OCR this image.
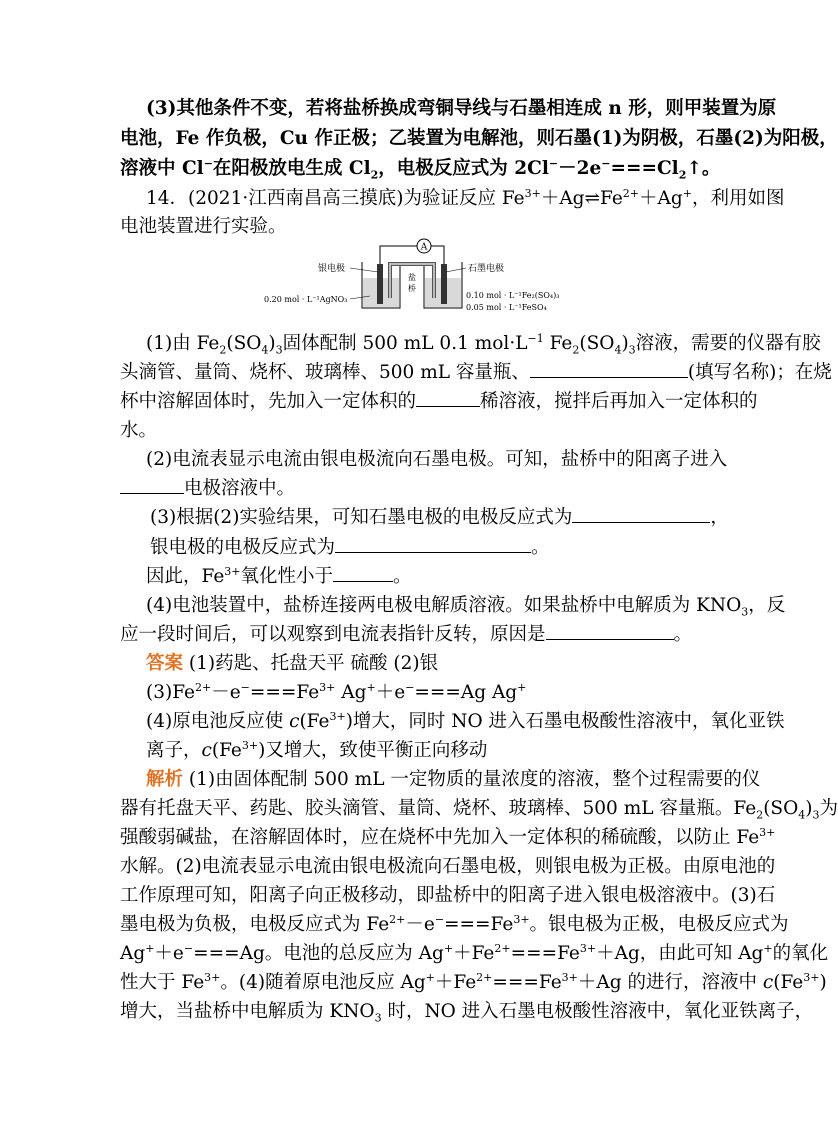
(3)其他条件不变，若将盐桥换成弯铜导线与石墨相连成 n 形，则甲装置为原
电池，Fe 作负极，Cu 作正极；乙装置为电解池，则石墨(1)为阴极，石墨(2)为阳极，
溶液中 Cl−在阳极放电生成 $Cl_2$，电极反应式为 $2Cl^--2e^-===Cl_2↑$。
14．(2021·江西南昌高三摸底)为验证反应 $Fe^{3+}+Ag\rightleftharpoons Fe^{2+}+Ag^+$，利用如图
电池装置进行实验。
A
盐
桥
银电极	石墨电极
0.20 mol · L⁻¹AgNO₃	0.10 mol · L⁻¹Fe₂(SO₄)₃
0.05 mol · L⁻¹FeSO₄
(1)由 $Fe_2(SO_4)_3$固体配制 500 mL 0.1 $mol\cdot L^{-1}$ $Fe_2(SO_4)_3$溶液，需要的仪器有胶
头滴管、量筒、烧杯、玻璃棒、500 mL 容量瓶、	(填写名称)；在烧
杯中溶解固体时，先加入一定体积的	稀溶液，搅拌后再加入一定体积的
水。
(2)电流表显示电流由银电极流向石墨电极。可知，盐桥中的阳离子进入
电极溶液中。
(3)根据(2)实验结果，可知石墨电极的电极反应式为	，
银电极的电极反应式为	。
因此，$Fe^{3+}$氧化性小于	。
(4)电池装置中，盐桥连接两电极电解质溶液。如果盐桥中电解质为 $KNO_3$，反
应一段时间后，可以观察到电流表指针反转，原因是	。
答案 (1)药匙、托盘天平 硫酸 (2)银
$(3)Fe^{2+}-e^-===Fe^{3+}$ Ag+＋e−===Ag Ag+
(4)原电池反应使 $c(Fe^{3+})$增大，同时 NO 进入石墨电极酸性溶液中，氧化亚铁
离子，$c(Fe^{3+})$又增大，致使平衡正向移动
解析 (1)由固体配制 500 mL 一定物质的量浓度的溶液，整个过程需要的仪
器有托盘天平、药匙、胶头滴管、量筒、烧杯、玻璃棒、500 mL 容量瓶。$Fe_2(SO_4)_3$为
强酸弱碱盐，在溶解固体时，应在烧杯中先加入一定体积的稀硫酸，以防止 $Fe^{3+}$
水解。(2)电流表显示电流由银电极流向石墨电极，则银电极为正极。由原电池的
工作原理可知，阳离子向正极移动，即盐桥中的阳离子进入银电极溶液中。(3)石
墨电极为负极，电极反应式为 $Fe^{2+}-e^-===Fe^{3+}$。银电极为正极，电极反应式为
Ag+＋e−===Ag。电池的总反应为 $Ag^++Fe^{2+}===Fe^{3+}+Ag$，由此可知 Ag+的氧化
性大于 $Fe^{3+}$。(4)随着原电池反应 $Ag^++Fe^{2+}===Fe^{3+}+Ag$ 的进行，溶液中 $c(Fe^{3+})$
增大，当盐桥中电解质为 $KNO_3$ 时，NO 进入石墨电极酸性溶液中，氧化亚铁离子，
